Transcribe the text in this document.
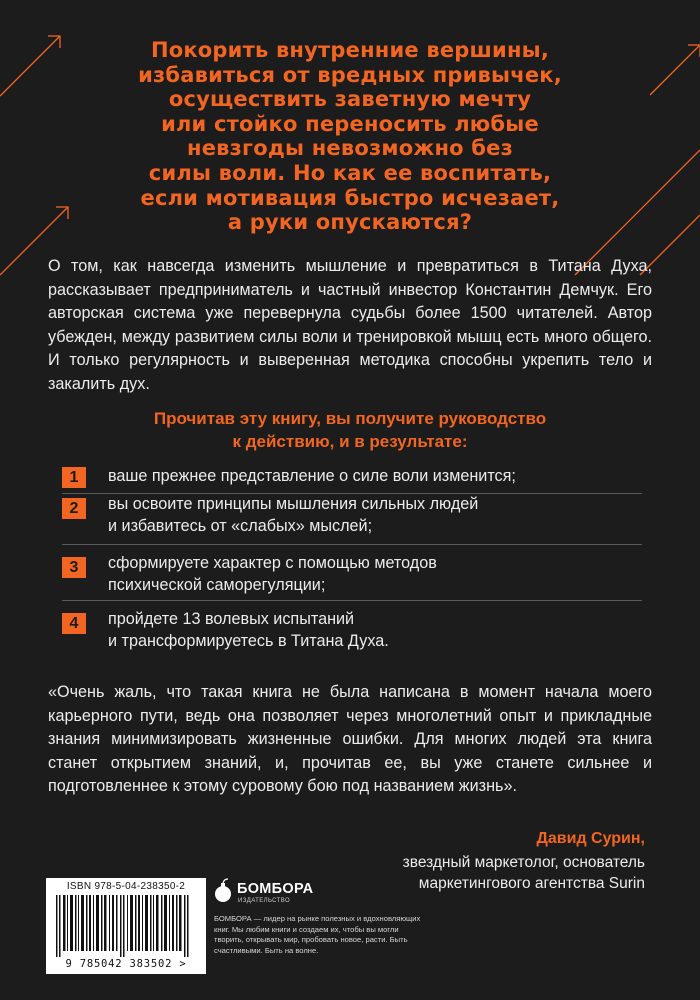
Покорить внутренние вершины,
избавиться от вредных привычек,
осуществить заветную мечту
или стойко переносить любые
невзгоды невозможно без
силы воли. Но как ее воспитать,
если мотивация быстро исчезает,
а руки опускаются?

О том, как навсегда изменить мышление и превратиться в Титана Духа, рассказывает предприниматель и частный инвестор Константин Демчук. Его авторская система уже перевернула судьбы более 1500 читателей. Автор убежден, между развитием силы воли и тренировкой мышц есть много общего. И только регулярность и выверенная методика способны укрепить тело и закалить дух.

Прочитав эту книгу, вы получите руководство
к действию, и в результате:
1	ваше прежнее представление о силе воли изменится;
2	вы освоите принципы мышления сильных людей
и избавитесь от «слабых» мыслей;
3	сформируете характер с помощью методов
психической саморегуляции;
4	пройдете 13 волевых испытаний
и трансформируетесь в Титана Духа.

«Очень жаль, что такая книга не была написана в момент начала моего карьерного пути, ведь она позволяет через многолетний опыт и прикладные знания минимизировать жизненные ошибки. Для многих людей эта книга станет открытием знаний, и, прочитав ее, вы уже станете сильнее и подготовленнее к этому суровому бою под названием жизнь».

Давид Сурин,

звездный маркетолог, основатель
маркетингового агентства Surin
ISBN 978-5-04-238350-2
9 785042 383502 >
БОМБОРА
ИЗДАТЕЛЬСТВО

БОМБОРА — лидер на рынке полезных и вдохновляющих книг. Мы любим книги и создаем их, чтобы вы могли творить, открывать мир, пробовать новое, расти. Быть счастливыми. Быть на волне.
